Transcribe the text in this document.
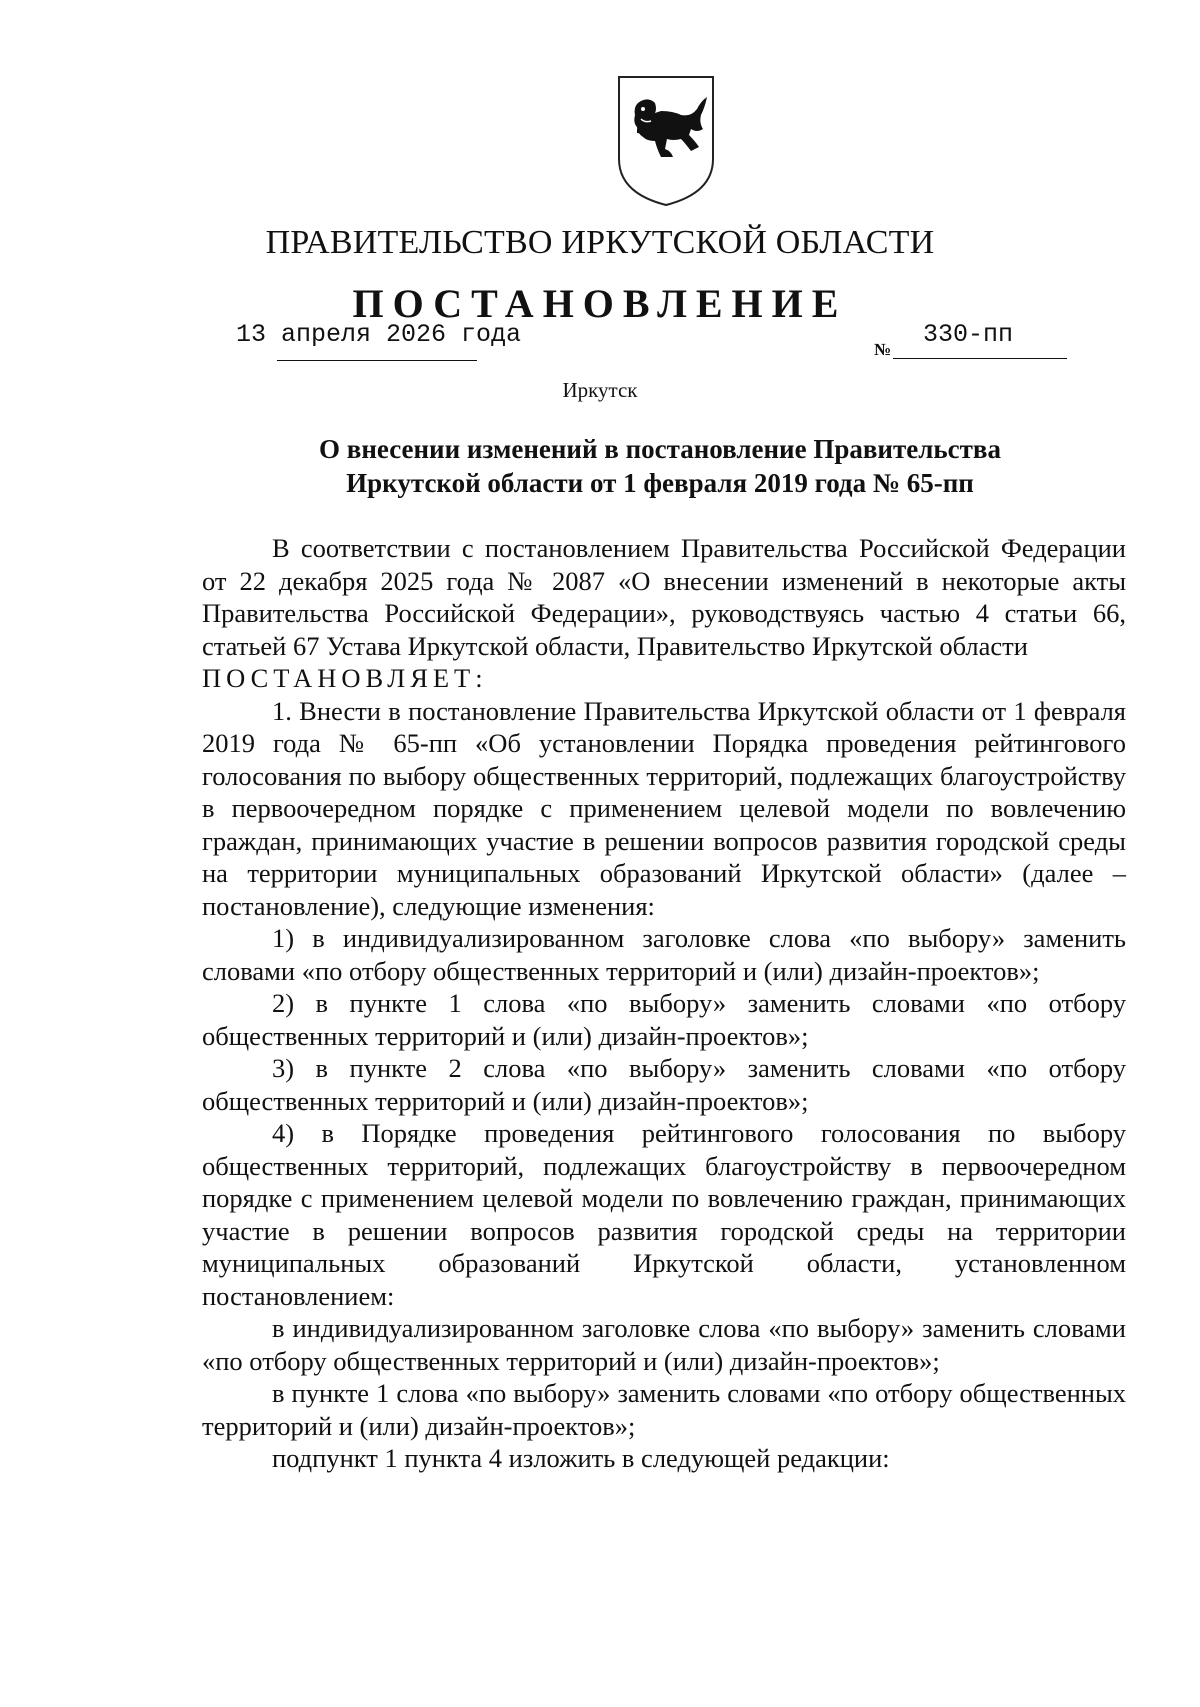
ПРАВИТЕЛЬСТВО ИРКУТСКОЙ ОБЛАСТИ
ПОСТАНОВЛЕНИЕ
13 апреля 2026 года
№
330-пп
Иркутск
О внесении изменений в постановление Правительства
Иркутской области от 1 февраля 2019 года № 65-пп

В соответствии с постановлением Правительства Российской Федерации от 22 декабря 2025 года № 2087 «О внесении изменений в некоторые акты Правительства Российской Федерации», руководствуясь частью 4 статьи 66, статьей 67 Устава Иркутской области, Правительство Иркутской области

ПОСТАНОВЛЯЕТ:

1. Внести в постановление Правительства Иркутской области от 1 февраля 2019 года № 65-пп «Об установлении Порядка проведения рейтингового голосования по выбору общественных территорий, подлежащих благоустройству в первоочередном порядке с применением целевой модели по вовлечению граждан, принимающих участие в решении вопросов развития городской среды на территории муниципальных образований Иркутской области» (далее – постановление), следующие изменения:

1) в индивидуализированном заголовке слова «по выбору» заменить словами «по отбору общественных территорий и (или) дизайн-проектов»;

2) в пункте 1 слова «по выбору» заменить словами «по отбору общественных территорий и (или) дизайн-проектов»;

3) в пункте 2 слова «по выбору» заменить словами «по отбору общественных территорий и (или) дизайн-проектов»;

4) в Порядке проведения рейтингового голосования по выбору общественных территорий, подлежащих благоустройству в первоочередном порядке с применением целевой модели по вовлечению граждан, принимающих участие в решении вопросов развития городской среды на территории муниципальных образований Иркутской области, установленном постановлением:

в индивидуализированном заголовке слова «по выбору» заменить словами «по отбору общественных территорий и (или) дизайн-проектов»;

в пункте 1 слова «по выбору» заменить словами «по отбору общественных территорий и (или) дизайн-проектов»;

подпункт 1 пункта 4 изложить в следующей редакции:
